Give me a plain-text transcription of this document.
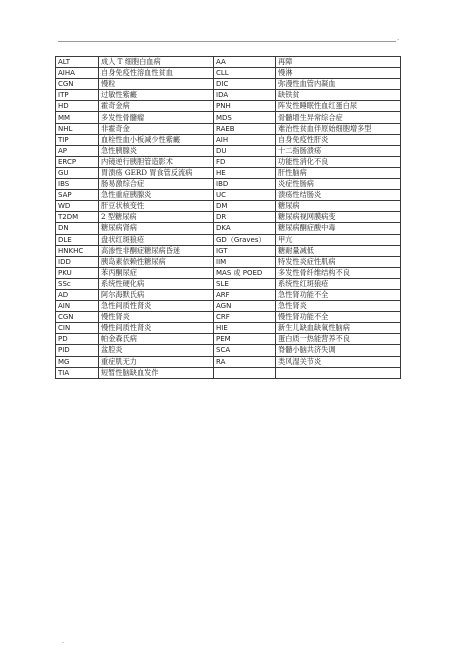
.
ALT	成人 T 细胞白血病	AA	再障
AIHA	自身免疫性溶血性贫血	CLL	慢淋
CGN	慢粒	DIC	弥漫性血管内凝血
ITP	过敏性紫癜	IDA	缺铁贫
HD	霍奇金病	PNH	阵发性睡眠性血红蛋白尿
MM	多发性骨髓瘤	MDS	骨髓增生异常综合症
NHL	非霍奇金	RAEB	难治性贫血伴原始细胞增多型
TIP	血栓性血小板减少性紫癜	AIH	自身免疫性肝炎
AP	急性胰腺炎	DU	十二指肠溃疡
ERCP	内镜逆行胰胆管造影术	FD	功能性消化不良
GU	胃溃疡 GERD 胃食管反流病	HE	肝性脑病
IBS	肠易激综合症	IBD	炎症性肠病
SAP	急性重症胰腺炎	UC	溃疡性结肠炎
WD	肝豆状核变性	DM	糖尿病
T2DM	2 型糖尿病	DR	糖尿病视网膜病变
DN	糖尿病肾病	DKA	糖尿病酮症酸中毒
DLE	盘状红斑狼疮	GD（Graves）	甲亢
HNKHC	高渗性非酮症糖尿病昏迷	IGT	糖耐量减低
IDD	胰岛素依赖性糖尿病	IIM	特发性炎症性肌病
PKU	苯丙酮尿症	MAS 或 POED	多发性骨纤维结构不良
SSc	系统性硬化病	SLE	系统性红斑狼疮
AD	阿尔海默氏病	ARF	急性肾功能不全
AIN	急性间质性肾炎	AGN	急性肾炎
CGN	慢性肾炎	CRF	慢性肾功能不全
CIN	慢性间质性肾炎	HIE	新生儿缺血缺氧性脑病
PD	帕金森氏病	PEM	蛋白质一热能营养不良
PID	盆腔炎	SCA	脊髓小脑共济失调
MG	重症肌无力	RA	类风湿关节炎
TIA	短暂性脑缺血发作		
.
